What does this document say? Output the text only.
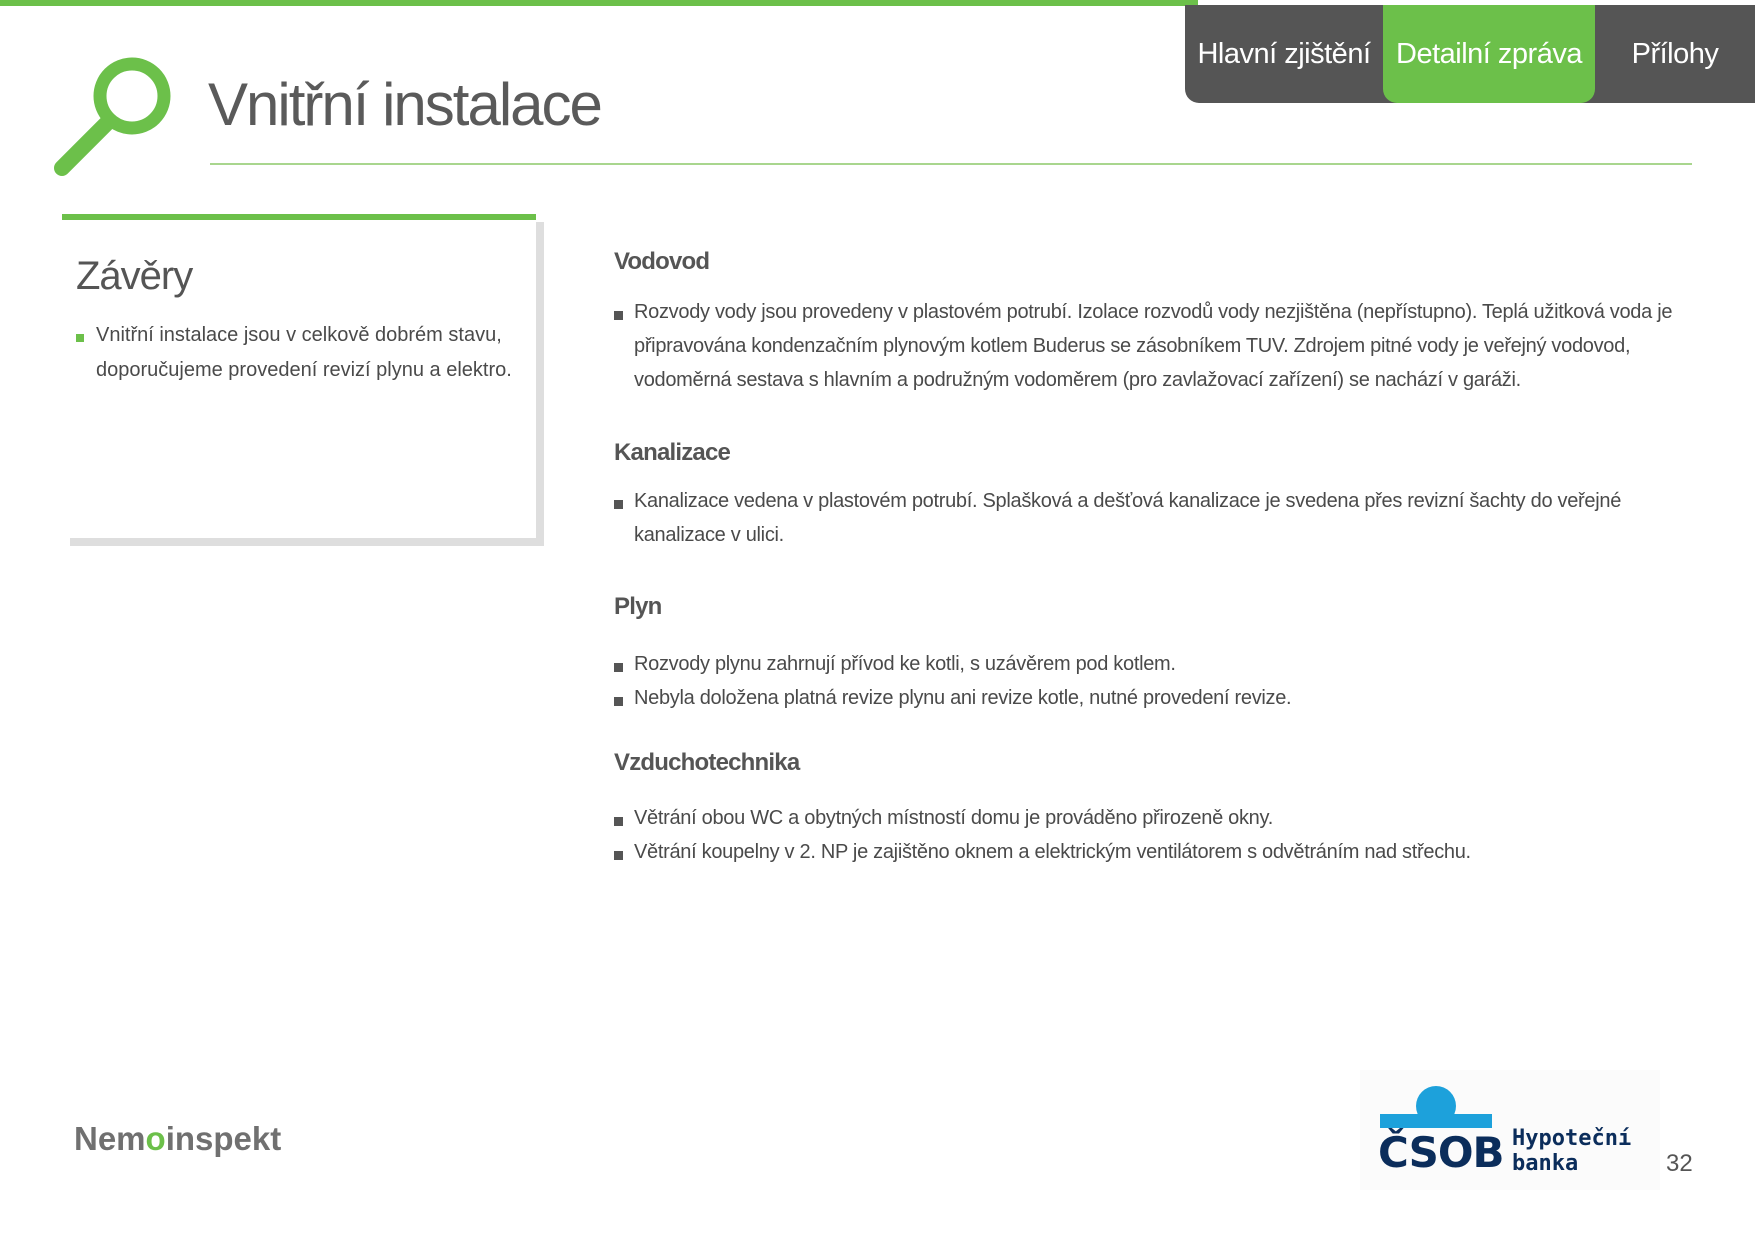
Hlavní zjištění Detailní zpráva	Přílohy
Vnitřní instalace
Závěry
Vnitřní instalace jsou v celkově dobrém stavu, doporučujeme provedení revizí plynu a elektro.
Vodovod
Rozvody vody jsou provedeny v plastovém potrubí. Izolace rozvodů vody nezjištěna (nepřístupno). Teplá užitková voda je připravována kondenzačním plynovým kotlem Buderus se zásobníkem TUV. Zdrojem pitné vody je veřejný vodovod, vodoměrná sestava s hlavním a podružným vodoměrem (pro zavlažovací zařízení) se nachází v garáži.
Kanalizace
Kanalizace vedena v plastovém potrubí. Splašková a dešťová kanalizace je svedena přes revizní šachty do veřejné kanalizace v ulici.
Plyn
Rozvody plynu zahrnují přívod ke kotli, s uzávěrem pod kotlem.
Nebyla doložena platná revize plynu ani revize kotle, nutné provedení revize.
Vzduchotechnika
Větrání obou WC a obytných místností domu je prováděno přirozeně okny.
Větrání koupelny v 2. NP je zajištěno oknem a elektrickým ventilátorem s odvětráním nad střechu.
Nemoinspekt	ČSOB Hypoteční
banka	32
